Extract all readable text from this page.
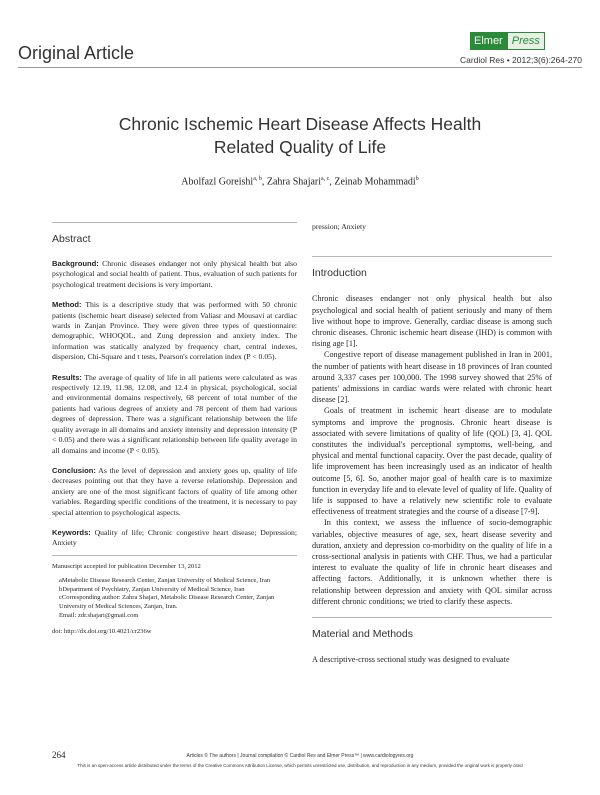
Original Article
Elmer Press
Cardiol Res • 2012;3(6):264-270
Chronic Ischemic Heart Disease Affects Health
Related Quality of Life
Abolfazl Goreishi$^{a, b}$, Zahra Shajari$^{a, c}$, Zeinab Mohammadi$^b$
Abstract

Background: Chronic diseases endanger not only physical health but also psychological and social health of patient. Thus, evaluation of such patients for psychological treatment decisions is very important.

Method: This is a descriptive study that was performed with 50 chronic patients (ischemic heart disease) selected from Valiasr and Mousavi at cardiac wards in Zanjan Province. They were given three types of questionnaire: demographic, WHOQOL, and Zung depression and anxiety index. The information was statically analyzed by frequency chart, central indexes, dispersion, Chi-Square and t tests, Pearson's correlation index (P < 0.05).

Results: The average of quality of life in all patients were calculated as was respectively 12.19, 11.98, 12.08, and 12.4 in physical, psychological, social and environmental domains respectively, 68 percent of total number of the patients had various degrees of anxiety and 78 percent of them had various degrees of depression. There was a significant relationship between the life quality average in all domains and anxiety intensity and depression intensity (P < 0.05) and there was a significant relationship between life quality average in all domains and income (P < 0.05).

Conclusion: As the level of depression and anxiety goes up, quality of life decreases pointing out that they have a reverse relationship. Depression and anxiety are one of the most significant factors of quality of life among other variables. Regarding specific conditions of the treatment, it is necessary to pay special attention to psychological aspects.

Keywords: Quality of life; Chronic congestive heart disease; Depression; Anxiety

Manuscript accepted for publication December 13, 2012

aMetabolic Disease Research Center, Zanjan University of Medical Science, Iran

bDepartment of Psychiatry, Zanjan University of Medical Science, Iran

cCorresponding author: Zahra Shajari, Metabolic Disease Research Center, Zanjan University of Medical Sciences, Zanjan, Iran.

Email: zdr.shajari@gmail.com

doi: http://dx.doi.org/10.4021/cr236w

pression; Anxiety

Introduction

Chronic diseases endanger not only physical health but also psychological and social health of patient seriously and many of them live without hope to improve. Generally, cardiac disease is among such chronic diseases. Chronic ischemic heart disease (IHD) is common with rising age [1].

Congestive report of disease management published in Iran in 2001, the number of patients with heart disease in 18 provinces of Iran counted around 3,337 cases per 100,000. The 1998 survey showed that 25% of patients' admissions in cardiac wards were related with chronic heart disease [2].

Goals of treatment in ischemic heart disease are to modulate symptoms and improve the prognosis. Chronic heart disease is associated with severe limitations of quality of life (QOL) [3, 4]. QOL constitutes the individual's perceptional symptoms, well-being, and physical and mental functional capacity. Over the past decade, quality of life improvement has been increasingly used as an indicator of health outcome [5, 6]. So, another major goal of health care is to maximize function in everyday life and to elevate level of quality of life. Quality of life is supposed to have a relatively new scientific role to evaluate effectiveness of treatment strategies and the course of a disease [7-9].

In this context, we assess the influence of socio-demographic variables, objective measures of age, sex, heart disease severity and duration, anxiety and depression co-morbidity on the quality of life in a cross-sectional analysis in patients with CHF. Thus, we had a particular interest to evaluate the quality of life in chronic heart diseases and affecting factors. Additionally, it is unknown whether there is relationship between depression and anxiety with QOL similar across different chronic conditions; we tried to clarify these aspects.

Material and Methods

A descriptive-cross sectional study was designed to evaluate

264	Articles © The authors | Journal compilation © Cardiol Res and Elmer Press™ | www.cardiologyres.org
This is an open-access article distributed under the terms of the Creative Commons Attribution License, which permits unrestricted use, distribution, and reproduction in any medium, provided the original work is properly cited
